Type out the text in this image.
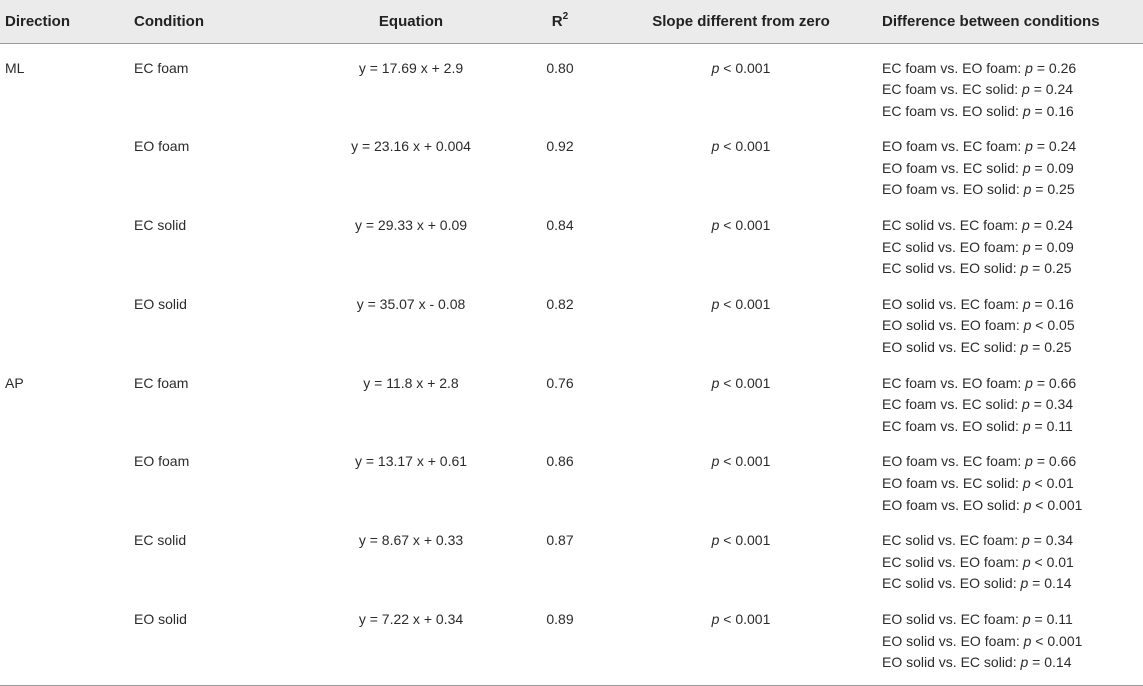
Direction	Condition	Equation	$R^2$	Slope different from zero	Difference between conditions
ML	EC foam	y = 17.69 x + 2.9	0.80	p < 0.001	EC foam vs. EO foam: p = 0.26
EC foam vs. EC solid: p = 0.24
EC foam vs. EO solid: p = 0.16

	EO foam	y = 23.16 x + 0.004	0.92	p < 0.001	EO foam vs. EC foam: p = 0.24
EO foam vs. EC solid: p = 0.09
EO foam vs. EO solid: p = 0.25

	EC solid	y = 29.33 x + 0.09	0.84	p < 0.001	EC solid vs. EC foam: p = 0.24
EC solid vs. EO foam: p = 0.09
EC solid vs. EO solid: p = 0.25

	EO solid	y = 35.07 x - 0.08	0.82	p < 0.001	EO solid vs. EC foam: p = 0.16
EO solid vs. EO foam: p < 0.05
EO solid vs. EC solid: p = 0.25

AP	EC foam	y = 11.8 x + 2.8	0.76	p < 0.001	EC foam vs. EO foam: p = 0.66
EC foam vs. EC solid: p = 0.34
EC foam vs. EO solid: p = 0.11

	EO foam	y = 13.17 x + 0.61	0.86	p < 0.001	EO foam vs. EC foam: p = 0.66
EO foam vs. EC solid: p < 0.01
EO foam vs. EO solid: p < 0.001

	EC solid	y = 8.67 x + 0.33	0.87	p < 0.001	EC solid vs. EC foam: p = 0.34
EC solid vs. EO foam: p < 0.01
EC solid vs. EO solid: p = 0.14

	EO solid	y = 7.22 x + 0.34	0.89	p < 0.001	EO solid vs. EC foam: p = 0.11
EO solid vs. EO foam: p < 0.001
EO solid vs. EC solid: p = 0.14
